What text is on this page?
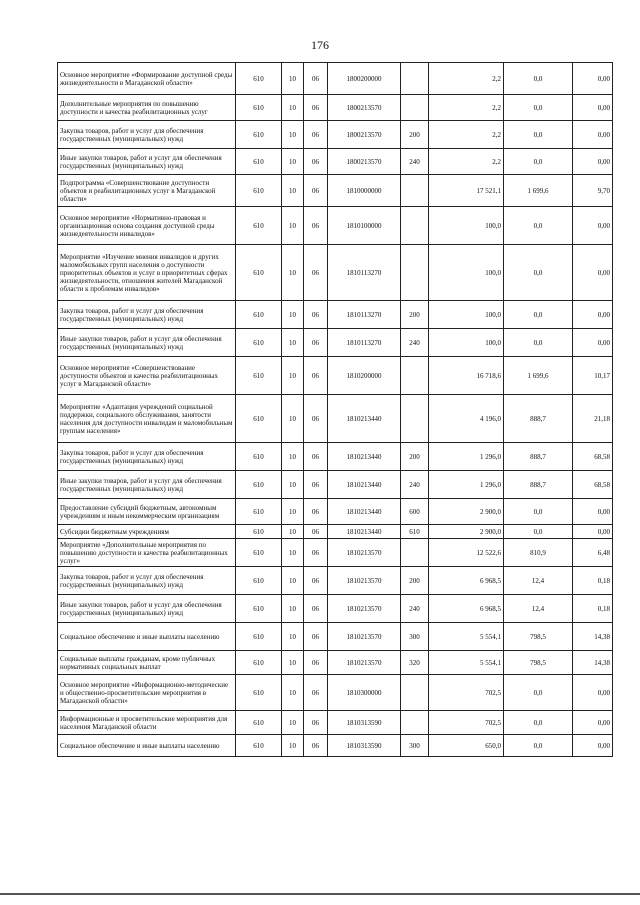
176
Основное мероприятие «Формирование доступной среды жизнедеятельности в Магаданской области»	610	10	06	1800200000		2,2	0,0	0,00
Дополнительные мероприятия по повышению доступности и качества реабилитационных услуг	610	10	06	1800213570		2,2	0,0	0,00
Закупка товаров, работ и услуг для обеспечения государственных (муниципальных) нужд	610	10	06	1800213570	200	2,2	0,0	0,00
Иные закупки товаров, работ и услуг для обеспечения государственных (муниципальных) нужд	610	10	06	1800213570	240	2,2	0,0	0,00
Подпрограмма «Совершенствование доступности объектов и реабилитационных услуг в Магаданской области»	610	10	06	1810000000		17 521,1	1 699,6	9,70
Основное мероприятие «Нормативно-правовая и организационная основа создания доступной среды жизнедеятельности инвалидов»	610	10	06	1810100000		100,0	0,0	0,00
Мероприятие «Изучение мнения инвалидов и других маломобильных групп населения о доступности приоритетных объектов и услуг в приоритетных сферах жизнедеятельности, отношения жителей Магаданской области к проблемам инвалидов»	610	10	06	1810113270		100,0	0,0	0,00
Закупка товаров, работ и услуг для обеспечения государственных (муниципальных) нужд	610	10	06	1810113270	200	100,0	0,0	0,00
Иные закупки товаров, работ и услуг для обеспечения государственных (муниципальных) нужд	610	10	06	1810113270	240	100,0	0,0	0,00
Основное мероприятие «Совершенствование доступности объектов и качества реабилитационных услуг в Магаданской области»	610	10	06	1810200000		16 718,6	1 699,6	10,17
Мероприятие «Адаптация учреждений социальной поддержки, социального обслуживания, занятости населения для доступности инвалидам и маломобильным группам населения»	610	10	06	1810213440		4 196,0	888,7	21,18
Закупка товаров, работ и услуг для обеспечения государственных (муниципальных) нужд	610	10	06	1810213440	200	1 296,0	888,7	68,58
Иные закупки товаров, работ и услуг для обеспечения государственных (муниципальных) нужд	610	10	06	1810213440	240	1 296,0	888,7	68,58
Предоставление субсидий бюджетным, автономным учреждениям и иным некоммерческим организациям	610	10	06	1810213440	600	2 900,0	0,0	0,00
Субсидии бюджетным учреждениям	610	10	06	1810213440	610	2 900,0	0,0	0,00
Мероприятие «Дополнительные мероприятия по повышению доступности и качества реабилитационных услуг»	610	10	06	1810213570		12 522,6	810,9	6,48
Закупка товаров, работ и услуг для обеспечения государственных (муниципальных) нужд	610	10	06	1810213570	200	6 968,5	12,4	0,18
Иные закупки товаров, работ и услуг для обеспечения государственных (муниципальных) нужд	610	10	06	1810213570	240	6 968,5	12,4	0,18
Социальное обеспечение и иные выплаты населению	610	10	06	1810213570	300	5 554,1	798,5	14,38
Социальные выплаты гражданам, кроме публичных нормативных социальных выплат	610	10	06	1810213570	320	5 554,1	798,5	14,38
Основное мероприятие «Информационно-методические и общественно-просветительские мероприятия в Магаданской области»	610	10	06	1810300000		702,5	0,0	0,00
Информационные и просветительские мероприятия для населения Магаданской области	610	10	06	1810313590		702,5	0,0	0,00
Социальное обеспечение и иные выплаты населению	610	10	06	1810313590	300	650,0	0,0	0,00
